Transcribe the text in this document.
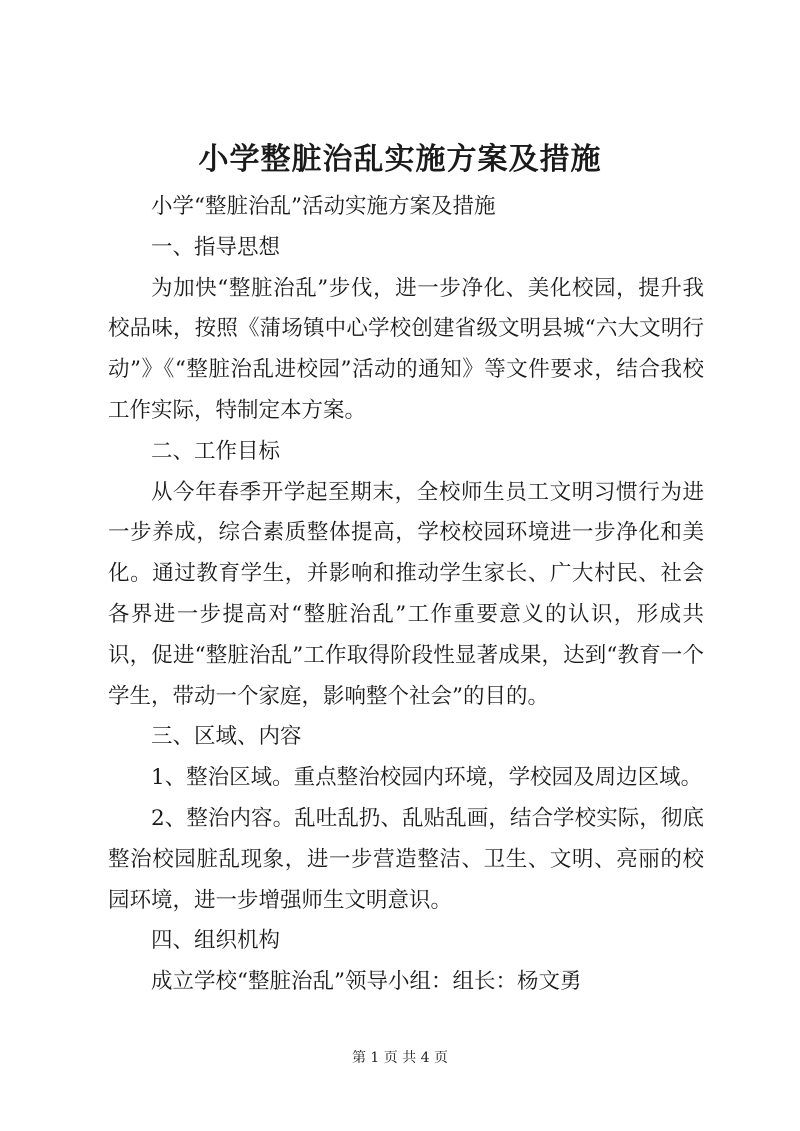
小学整脏治乱实施方案及措施

小学“整脏治乱”活动实施方案及措施

一、指导思想

为加快“整脏治乱”步伐，进一步净化、美化校园，提升我校品味，按照《蒲场镇中心学校创建省级文明县城“六大文明行动”》《“整脏治乱进校园”活动的通知》等文件要求，结合我校工作实际，特制定本方案。

二、工作目标

从今年春季开学起至期末，全校师生员工文明习惯行为进一步养成，综合素质整体提高，学校校园环境进一步净化和美化。通过教育学生，并影响和推动学生家长、广大村民、社会各界进一步提高对“整脏治乱”工作重要意义的认识，形成共识，促进“整脏治乱”工作取得阶段性显著成果，达到“教育一个学生，带动一个家庭，影响整个社会”的目的。

三、区域、内容

1、整治区域。重点整治校园内环境，学校园及周边区域。

2、整治内容。乱吐乱扔、乱贴乱画，结合学校实际，彻底整治校园脏乱现象，进一步营造整洁、卫生、文明、亮丽的校园环境，进一步增强师生文明意识。

四、组织机构

成立学校“整脏治乱”领导小组：组长：杨文勇

第 1 页 共 4 页
